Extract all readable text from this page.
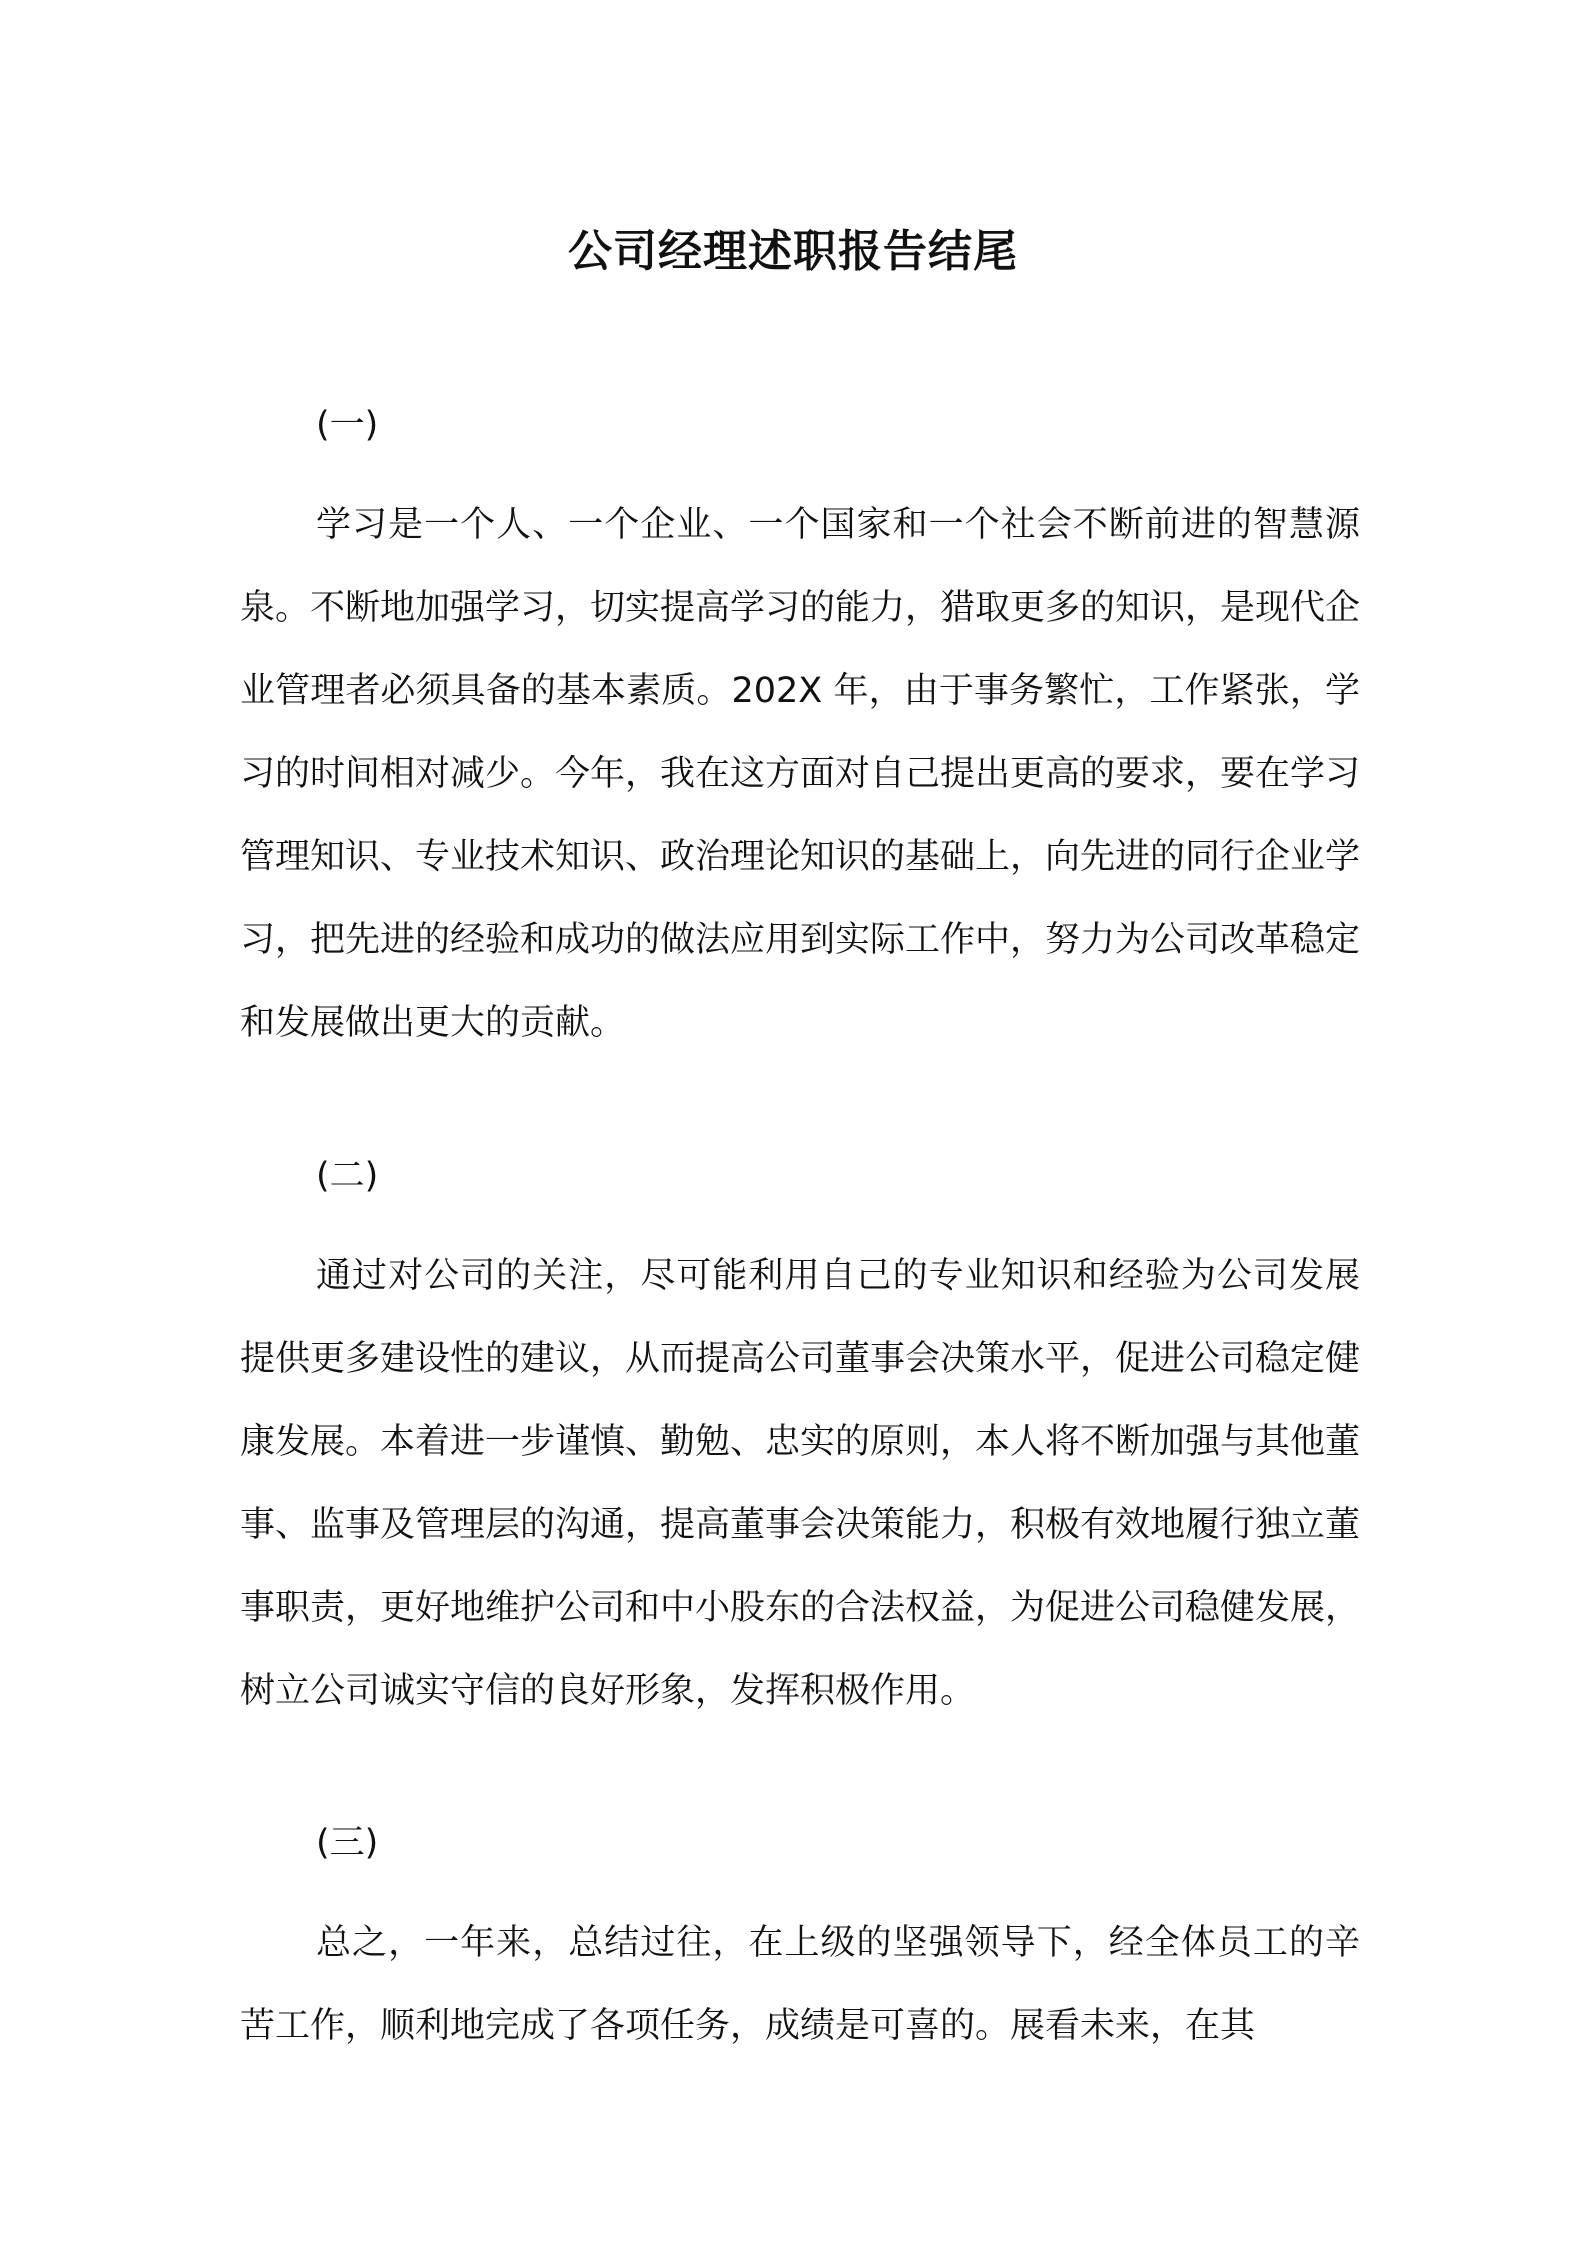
公司经理述职报告结尾

(一)

学习是一个人、一个企业、一个国家和一个社会不断前进的智慧源泉。不断地加强学习，切实提高学习的能力，猎取更多的知识，是现代企业管理者必须具备的基本素质。202X 年，由于事务繁忙，工作紧张，学习的时间相对减少。今年，我在这方面对自己提出更高的要求，要在学习管理知识、专业技术知识、政治理论知识的基础上，向先进的同行企业学习，把先进的经验和成功的做法应用到实际工作中，努力为公司改革稳定和发展做出更大的贡献。

(二)

通过对公司的关注，尽可能利用自己的专业知识和经验为公司发展提供更多建设性的建议，从而提高公司董事会决策水平，促进公司稳定健康发展。本着进一步谨慎、勤勉、忠实的原则，本人将不断加强与其他董事、监事及管理层的沟通，提高董事会决策能力，积极有效地履行独立董事职责，更好地维护公司和中小股东的合法权益，为促进公司稳健发展，树立公司诚实守信的良好形象，发挥积极作用。

(三)

总之，一年来，总结过往，在上级的坚强领导下，经全体员工的辛苦工作，顺利地完成了各项任务，成绩是可喜的。展看未来，在其
